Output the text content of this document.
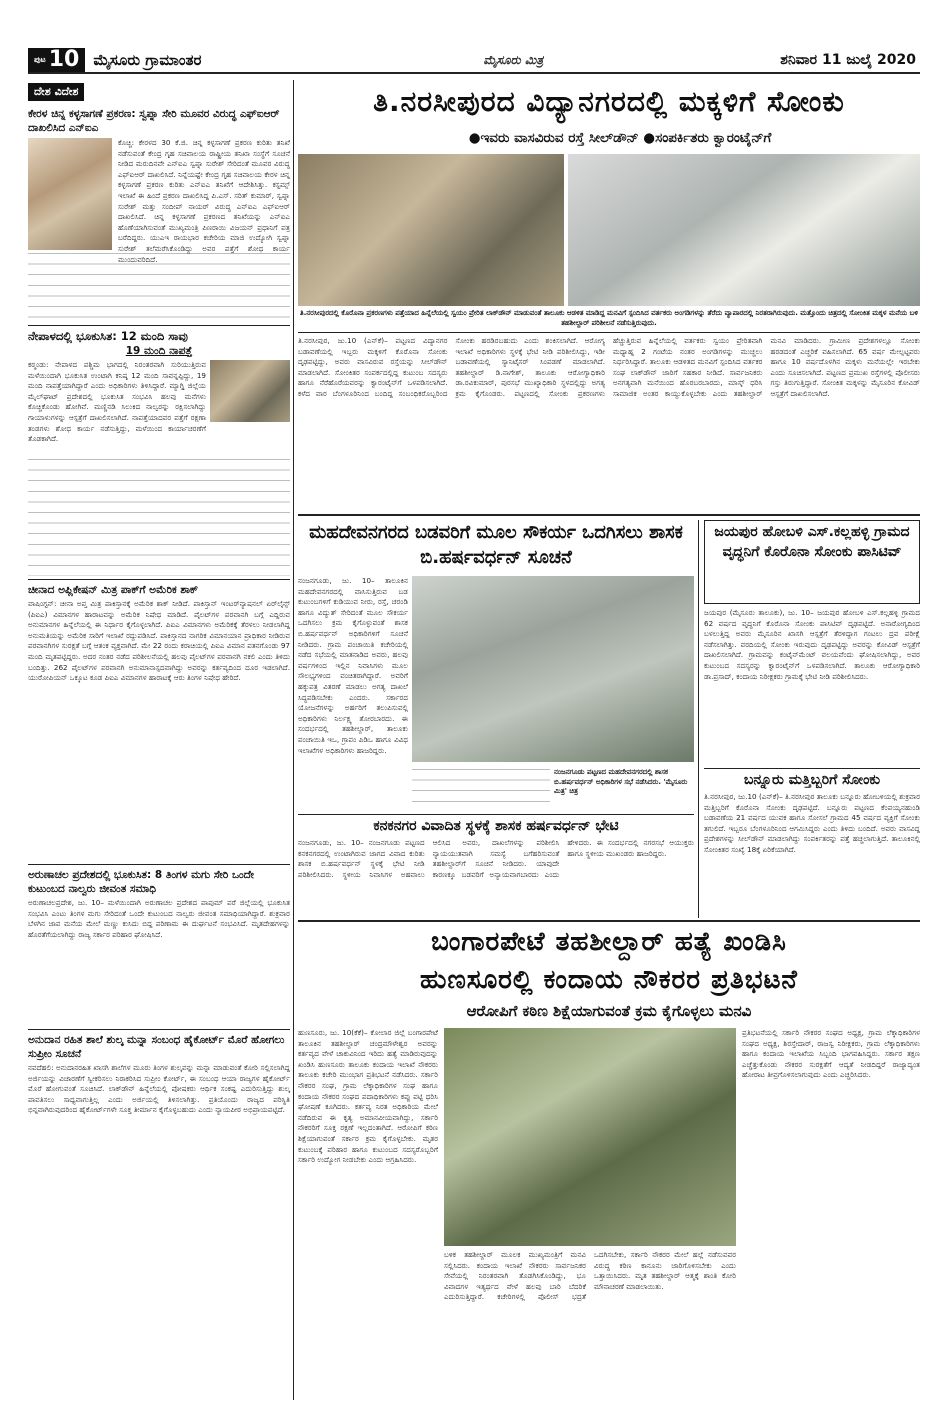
ಪುಟ 10 ಮೈಸೂರು ಗ್ರಾಮಾಂತರ	ಮೈಸೂರು ಮಿತ್ರ	ಶನಿವಾರ 11 ಜುಲೈ 2020
ದೇಶ ವಿದೇಶ
ಕೇರಳ ಚಿನ್ನ ಕಳ್ಳಸಾಗಣೆ ಪ್ರಕರಣ: ಸ್ವಪ್ನಾ ಸೇರಿ ಮೂವರ ವಿರುದ್ಧ ಎಫ್‌ಐಆರ್ ದಾಖಲಿಸಿದ ಎನ್‌ಐಎ

ಕೊಚ್ಚಿ: ಕೇರಳದ 30 ಕೆ.ಜಿ. ಚಿನ್ನ ಕಳ್ಳಸಾಗಣೆ ಪ್ರಕರಣ ಕುರಿತು ತನಿಖೆ ನಡೆಸುವಂತೆ ಕೇಂದ್ರ ಗೃಹ ಸಚಿವಾಲಯ ರಾಷ್ಟ್ರೀಯ ತನಿಖಾ ಸಂಸ್ಥೆಗೆ ಸೂಚನೆ ನೀಡಿದ ಮರುದಿನವೇ ಎನ್‌ಐಎ ಸ್ವಪ್ನಾ ಸುರೇಶ್ ಸೇರಿದಂತೆ ಮೂವರ ವಿರುದ್ಧ ಎಫ್‌ಐಆರ್ ದಾಖಲಿಸಿದೆ. ನಿನ್ನೆಯಷ್ಟೇ ಕೇಂದ್ರ ಗೃಹ ಸಚಿವಾಲಯ ಕೇರಳ ಚಿನ್ನ ಕಳ್ಳಸಾಗಣೆ ಪ್ರಕರಣ ಕುರಿತು ಎನ್‌ಐಎ ತನಿಖೆಗೆ ಆದೇಶಿಸಿತ್ತು. ಕಸ್ಟಮ್ಸ್ ಇಲಾಖೆ ಈ ಹಿಂದೆ ಪ್ರಕರಣ ದಾಖಲಿಸಿದ್ದ ಪಿ.ಎಸ್. ಸರಿತ್ ಕುಮಾರ್, ಸ್ವಪ್ನಾ ಸುರೇಶ್ ಮತ್ತು ಸಂದೀಪ್ ನಾಯರ್ ವಿರುದ್ಧ ಎನ್‌ಐಎ ಎಫ್‌ಐಆರ್ ದಾಖಲಿಸಿದೆ. ಚಿನ್ನ ಕಳ್ಳಸಾಗಣೆ ಪ್ರಕರಣದ ತನಿಖೆಯನ್ನು ಎನ್‌ಐಎ ಹೊಣೆಯಾಗಿಸುವಂತೆ ಮುಖ್ಯಮಂತ್ರಿ ಪಿಣರಾಯಿ ವಿಜಯನ್ ಪ್ರಧಾನಿಗೆ ಪತ್ರ ಬರೆದಿದ್ದರು. ಯುಎಇ ರಾಯಭಾರ ಕಚೇರಿಯ ಮಾಜಿ ಉದ್ಯೋಗಿ ಸ್ವಪ್ನಾ ಸುರೇಶ್ ತಲೆಮರೆಸಿಕೊಂಡಿದ್ದು ಅವರ ಪತ್ತೆಗೆ ಶೋಧ ಕಾರ್ಯ ಮುಂದುವರಿದಿದೆ.

ನೇಪಾಳದಲ್ಲಿ ಭೂಕುಸಿತ: 12 ಮಂದಿ ಸಾವು
19 ಮಂದಿ ನಾಪತ್ತೆ

ಕಠ್ಮಂಡು: ನೇಪಾಳದ ಪಶ್ಚಿಮ ಭಾಗದಲ್ಲಿ ನಿರಂತರವಾಗಿ ಸುರಿಯುತ್ತಿರುವ ಮಳೆಯಿಂದಾಗಿ ಭೂಕುಸಿತ ಉಂಟಾಗಿ ಕನಿಷ್ಠ 12 ಮಂದಿ ಸಾವನ್ನಪ್ಪಿದ್ದು, 19 ಮಂದಿ ನಾಪತ್ತೆಯಾಗಿದ್ದಾರೆ ಎಂದು ಅಧಿಕಾರಿಗಳು ತಿಳಿಸಿದ್ದಾರೆ. ಮ್ಯಾಗ್ಡಿ ಜಿಲ್ಲೆಯ ಮೈಲ್‌ಘಾಟ್ ಪ್ರದೇಶದಲ್ಲಿ ಭೂಕುಸಿತ ಸಂಭವಿಸಿ ಹಲವು ಮನೆಗಳು ಕೊಚ್ಚಿಕೊಂಡು ಹೋಗಿವೆ. ಮಣ್ಣಿನಡಿ ಸಿಲುಕಿದ ನಾಲ್ವರನ್ನು ರಕ್ಷಿಸಲಾಗಿದ್ದು ಗಾಯಾಳುಗಳನ್ನು ಆಸ್ಪತ್ರೆಗೆ ದಾಖಲಿಸಲಾಗಿದೆ. ನಾಪತ್ತೆಯಾದವರ ಪತ್ತೆಗೆ ರಕ್ಷಣಾ ತಂಡಗಳು ಶೋಧ ಕಾರ್ಯ ನಡೆಸುತ್ತಿದ್ದು, ಮಳೆಯಿಂದ ಕಾರ್ಯಾಚರಣೆಗೆ ತೊಡಕಾಗಿದೆ.

ಚೀನಾದ ಅಪ್ಲಿಕೇಷನ್ ಮಿತ್ರ ಪಾಕ್‌ಗೆ ಅಮೆರಿಕ ಶಾಕ್

ವಾಷಿಂಗ್ಟನ್: ಚೀನಾ ಅಪ್ತ ಮಿತ್ರ ಪಾಕಿಸ್ತಾನಕ್ಕೆ ಅಮೆರಿಕ ಶಾಕ್ ನೀಡಿದೆ. ಪಾಕಿಸ್ತಾನ್ ಇಂಟರ್‌ನ್ಯಾಷನಲ್ ಏರ್‌ಲೈನ್ಸ್ (ಪಿಐಎ) ವಿಮಾನಗಳ ಹಾರಾಟವನ್ನು ಅಮೆರಿಕ ನಿಷೇಧ ಮಾಡಿದೆ. ಪೈಲಟ್‌ಗಳ ಪರವಾನಗಿ ಬಗ್ಗೆ ಎದ್ದಿರುವ ಅನುಮಾನಗಳ ಹಿನ್ನೆಲೆಯಲ್ಲಿ ಈ ನಿರ್ಧಾರ ಕೈಗೊಳ್ಳಲಾಗಿದೆ. ಪಿಐಎ ವಿಮಾನಗಳು ಅಮೆರಿಕಕ್ಕೆ ತೆರಳಲು ನೀಡಲಾಗಿದ್ದ ಅನುಮತಿಯನ್ನು ಅಮೆರಿಕ ಸಾರಿಗೆ ಇಲಾಖೆ ರದ್ದುಪಡಿಸಿದೆ. ಪಾಕಿಸ್ತಾನದ ನಾಗರಿಕ ವಿಮಾನಯಾನ ಪ್ರಾಧಿಕಾರ ನೀಡಿರುವ ಪರವಾನಗಿಗಳ ಸುರಕ್ಷತೆ ಬಗ್ಗೆ ಆತಂಕ ವ್ಯಕ್ತವಾಗಿದೆ. ಮೇ 22 ರಂದು ಕರಾಚಿಯಲ್ಲಿ ಪಿಐಎ ವಿಮಾನ ಪತನಗೊಂಡು 97 ಮಂದಿ ಮೃತಪಟ್ಟಿದ್ದರು. ಅದರ ನಂತರ ನಡೆದ ಪರಿಶೀಲನೆಯಲ್ಲಿ ಹಲವು ಪೈಲಟ್‌ಗಳ ಪರವಾನಗಿ ನಕಲಿ ಎಂದು ತಿಳಿದು ಬಂದಿತ್ತು. 262 ಪೈಲಟ್‌ಗಳ ಪರವಾನಗಿ ಅನುಮಾನಾಸ್ಪದವಾಗಿದ್ದು ಅವರನ್ನು ಕರ್ತವ್ಯದಿಂದ ದೂರ ಇಡಲಾಗಿದೆ. ಯುರೋಪಿಯನ್ ಒಕ್ಕೂಟ ಕೂಡ ಪಿಐಎ ವಿಮಾನಗಳ ಹಾರಾಟಕ್ಕೆ ಆರು ತಿಂಗಳ ನಿಷೇಧ ಹೇರಿದೆ.

ಅರುಣಾಚಲ ಪ್ರದೇಶದಲ್ಲಿ ಭೂಕುಸಿತ: 8 ತಿಂಗಳ ಮಗು ಸೇರಿ ಒಂದೇ ಕುಟುಂಬದ ನಾಲ್ವರು ಜೀವಂತ ಸಮಾಧಿ

ಅರುಣಾಚಲಪ್ರದೇಶ, ಜು. 10– ಮಳೆಯಿಂದಾಗಿ ಅರುಣಾಚಲ ಪ್ರದೇಶದ ಪಾಪುಮ್ ಪರೆ ಜಿಲ್ಲೆಯಲ್ಲಿ ಭೂಕುಸಿತ ಸಂಭವಿಸಿ ಎಂಟು ತಿಂಗಳ ಮಗು ಸೇರಿದಂತೆ ಒಂದೇ ಕುಟುಂಬದ ನಾಲ್ವರು ಜೀವಂತ ಸಮಾಧಿಯಾಗಿದ್ದಾರೆ. ಶುಕ್ರವಾರ ಬೆಳಗಿನ ಜಾವ ಮನೆಯ ಮೇಲೆ ಮಣ್ಣು ಕುಸಿದು ಬಿದ್ದ ಪರಿಣಾಮ ಈ ದುರ್ಘಟನೆ ಸಂಭವಿಸಿದೆ. ಮೃತದೇಹಗಳನ್ನು ಹೊರತೆಗೆಯಲಾಗಿದ್ದು ರಾಜ್ಯ ಸರ್ಕಾರ ಪರಿಹಾರ ಘೋಷಿಸಿದೆ.

ಅನುದಾನ ರಹಿತ ಶಾಲೆ ಶುಲ್ಕ ಮನ್ನಾ ಸಂಬಂಧ ಹೈಕೋರ್ಟ್ ಮೊರೆ ಹೋಗಲು ಸುಪ್ರೀಂ ಸೂಚನೆ

ನವದೆಹಲಿ: ಅನುದಾನರಹಿತ ಖಾಸಗಿ ಶಾಲೆಗಳ ಮೂರು ತಿಂಗಳ ಶುಲ್ಕವನ್ನು ಮನ್ನಾ ಮಾಡುವಂತೆ ಕೋರಿ ಸಲ್ಲಿಸಲಾಗಿದ್ದ ಅರ್ಜಿಯನ್ನು ವಿಚಾರಣೆಗೆ ಸ್ವೀಕರಿಸಲು ನಿರಾಕರಿಸಿದ ಸುಪ್ರೀಂ ಕೋರ್ಟ್, ಈ ಸಂಬಂಧ ಆಯಾ ರಾಜ್ಯಗಳ ಹೈಕೋರ್ಟ್ ಮೊರೆ ಹೋಗುವಂತೆ ಸೂಚಿಸಿದೆ. ಲಾಕ್‌ಡೌನ್ ಹಿನ್ನೆಲೆಯಲ್ಲಿ ಪೋಷಕರು ಆರ್ಥಿಕ ಸಂಕಷ್ಟ ಎದುರಿಸುತ್ತಿದ್ದು ಶುಲ್ಕ ಪಾವತಿಸಲು ಸಾಧ್ಯವಾಗುತ್ತಿಲ್ಲ ಎಂದು ಅರ್ಜಿಯಲ್ಲಿ ತಿಳಿಸಲಾಗಿತ್ತು. ಪ್ರತಿಯೊಂದು ರಾಜ್ಯದ ಪರಿಸ್ಥಿತಿ ಭಿನ್ನವಾಗಿರುವುದರಿಂದ ಹೈಕೋರ್ಟ್‌ಗಳೇ ಸೂಕ್ತ ತೀರ್ಮಾನ ಕೈಗೊಳ್ಳಬಹುದು ಎಂದು ನ್ಯಾಯಪೀಠ ಅಭಿಪ್ರಾಯಪಟ್ಟಿದೆ.

ತಿ.ನರಸೀಪುರದ ವಿದ್ಯಾನಗರದಲ್ಲಿ ಮಕ್ಕಳಿಗೆ ಸೋಂಕು
●ಇವರು ವಾಸವಿರುವ ರಸ್ತೆ ಸೀಲ್‌ಡೌನ್ ●ಸಂಪರ್ಕಿತರು ಕ್ವಾರಂಟೈನ್‌ಗೆ
ತಿ.ನರಸೀಪುರದಲ್ಲಿ ಕೊರೊನಾ ಪ್ರಕರಣಗಳು ಪತ್ತೆಯಾದ ಹಿನ್ನೆಲೆಯಲ್ಲಿ ಸ್ವಯಂ ಪ್ರೇರಿತ ಲಾಕ್‌ಡೌನ್ ಮಾಡುವಂತೆ ತಾಲೂಕು ಆಡಳಿತ ಮಾಡಿದ್ದ ಮನವಿಗೆ ಸ್ಪಂದಿಸಿದ ವರ್ತಕರು ಅಂಗಡಿಗಳನ್ನು ತೆರೆದು ವ್ಯಾಪಾರದಲ್ಲಿ ನಿರತರಾಗಿರುವುದು. ಮತ್ತೊಂದು ಚಿತ್ರದಲ್ಲಿ ಸೋಂಕಿತ ಮಕ್ಕಳ ಮನೆಯ ಬಳಿ ತಹಶೀಲ್ದಾರ್ ಪರಿಶೀಲನೆ ನಡೆಸುತ್ತಿರುವುದು.

ತಿ.ನರಸೀಪುರ, ಜು.10 (ಎನ್‌ಕೆ)– ಪಟ್ಟಣದ ವಿದ್ಯಾನಗರ ಬಡಾವಣೆಯಲ್ಲಿ ಇಬ್ಬರು ಮಕ್ಕಳಿಗೆ ಕೊರೊನಾ ಸೋಂಕು ದೃಢಪಟ್ಟಿದ್ದು, ಅವರು ವಾಸವಿರುವ ರಸ್ತೆಯನ್ನು ಸೀಲ್‌ಡೌನ್ ಮಾಡಲಾಗಿದೆ. ಸೋಂಕಿತರ ಸಂಪರ್ಕದಲ್ಲಿದ್ದ ಕುಟುಂಬ ಸದಸ್ಯರು ಹಾಗೂ ನೆರೆಹೊರೆಯವರನ್ನು ಕ್ವಾರಂಟೈನ್‌ಗೆ ಒಳಪಡಿಸಲಾಗಿದೆ. ಕಳೆದ ವಾರ ಬೆಂಗಳೂರಿನಿಂದ ಬಂದಿದ್ದ ಸಂಬಂಧಿಕರೊಬ್ಬರಿಂದ ಸೋಂಕು ಹರಡಿರಬಹುದು ಎಂದು ಶಂಕಿಸಲಾಗಿದೆ. ಆರೋಗ್ಯ ಇಲಾಖೆ ಅಧಿಕಾರಿಗಳು ಸ್ಥಳಕ್ಕೆ ಭೇಟಿ ನೀಡಿ ಪರಿಶೀಲಿಸಿದ್ದು, ಇಡೀ ಬಡಾವಣೆಯಲ್ಲಿ ಸ್ಯಾನಿಟೈಸರ್ ಸಿಂಪಡಣೆ ಮಾಡಲಾಗಿದೆ. ತಹಶೀಲ್ದಾರ್ ಡಿ.ನಾಗೇಶ್, ತಾಲೂಕು ಆರೋಗ್ಯಾಧಿಕಾರಿ ಡಾ.ರವಿಕುಮಾರ್, ಪುರಸಭೆ ಮುಖ್ಯಾಧಿಕಾರಿ ಸ್ಥಳದಲ್ಲಿದ್ದು ಅಗತ್ಯ ಕ್ರಮ ಕೈಗೊಂಡರು. ಪಟ್ಟಣದಲ್ಲಿ ಸೋಂಕು ಪ್ರಕರಣಗಳು ಹೆಚ್ಚುತ್ತಿರುವ ಹಿನ್ನೆಲೆಯಲ್ಲಿ ವರ್ತಕರು ಸ್ವಯಂ ಪ್ರೇರಿತವಾಗಿ ಮಧ್ಯಾಹ್ನ 2 ಗಂಟೆಯ ನಂತರ ಅಂಗಡಿಗಳನ್ನು ಮುಚ್ಚಲು ನಿರ್ಧರಿಸಿದ್ದಾರೆ. ತಾಲೂಕು ಆಡಳಿತದ ಮನವಿಗೆ ಸ್ಪಂದಿಸಿದ ವರ್ತಕರ ಸಂಘ ಲಾಕ್‌ಡೌನ್ ಜಾರಿಗೆ ಸಹಕಾರ ನೀಡಿದೆ. ಸಾರ್ವಜನಿಕರು ಅನಗತ್ಯವಾಗಿ ಮನೆಯಿಂದ ಹೊರಬರಬಾರದು, ಮಾಸ್ಕ್ ಧರಿಸಿ ಸಾಮಾಜಿಕ ಅಂತರ ಕಾಯ್ದುಕೊಳ್ಳಬೇಕು ಎಂದು ತಹಶೀಲ್ದಾರ್ ಮನವಿ ಮಾಡಿದರು. ಗ್ರಾಮೀಣ ಪ್ರದೇಶಗಳಲ್ಲೂ ಸೋಂಕು ಹರಡದಂತೆ ಎಚ್ಚರಿಕೆ ವಹಿಸಲಾಗಿದೆ. 65 ವರ್ಷ ಮೇಲ್ಪಟ್ಟವರು ಹಾಗೂ 10 ವರ್ಷದೊಳಗಿನ ಮಕ್ಕಳು ಮನೆಯಲ್ಲೇ ಇರಬೇಕು ಎಂದು ಸೂಚಿಸಲಾಗಿದೆ. ಪಟ್ಟಣದ ಪ್ರಮುಖ ರಸ್ತೆಗಳಲ್ಲಿ ಪೊಲೀಸರು ಗಸ್ತು ತಿರುಗುತ್ತಿದ್ದಾರೆ. ಸೋಂಕಿತ ಮಕ್ಕಳನ್ನು ಮೈಸೂರಿನ ಕೋವಿಡ್ ಆಸ್ಪತ್ರೆಗೆ ದಾಖಲಿಸಲಾಗಿದೆ.

ಮಹದೇವನಗರದ ಬಡವರಿಗೆ ಮೂಲ ಸೌಕರ್ಯ ಒದಗಿಸಲು ಶಾಸಕ ಬಿ.ಹರ್ಷವರ್ಧನ್ ಸೂಚನೆ

ನಂಜನಗೂಡು, ಜು. 10– ತಾಲೂಕಿನ ಮಹದೇವನಗರದಲ್ಲಿ ವಾಸಿಸುತ್ತಿರುವ ಬಡ ಕುಟುಂಬಗಳಿಗೆ ಕುಡಿಯುವ ನೀರು, ರಸ್ತೆ, ಚರಂಡಿ ಹಾಗೂ ವಿದ್ಯುತ್ ಸೇರಿದಂತೆ ಮೂಲ ಸೌಕರ್ಯ ಒದಗಿಸಲು ಕ್ರಮ ಕೈಗೊಳ್ಳುವಂತೆ ಶಾಸಕ ಬಿ.ಹರ್ಷವರ್ಧನ್ ಅಧಿಕಾರಿಗಳಿಗೆ ಸೂಚನೆ ನೀಡಿದರು. ಗ್ರಾಮ ಪಂಚಾಯಿತಿ ಕಚೇರಿಯಲ್ಲಿ ನಡೆದ ಸಭೆಯಲ್ಲಿ ಮಾತನಾಡಿದ ಅವರು, ಹಲವು ವರ್ಷಗಳಿಂದ ಇಲ್ಲಿನ ನಿವಾಸಿಗಳು ಮೂಲ ಸೌಲಭ್ಯಗಳಿಂದ ವಂಚಿತರಾಗಿದ್ದಾರೆ. ಅವರಿಗೆ ಹಕ್ಕುಪತ್ರ ವಿತರಣೆ ಮಾಡಲು ಅಗತ್ಯ ದಾಖಲೆ ಸಿದ್ಧಪಡಿಸಬೇಕು ಎಂದರು. ಸರ್ಕಾರದ ಯೋಜನೆಗಳನ್ನು ಅರ್ಹರಿಗೆ ತಲುಪಿಸುವಲ್ಲಿ ಅಧಿಕಾರಿಗಳು ನಿರ್ಲಕ್ಷ್ಯ ತೋರಬಾರದು. ಈ ಸಂದರ್ಭದಲ್ಲಿ ತಹಶೀಲ್ದಾರ್, ತಾಲೂಕು ಪಂಚಾಯಿತಿ ಇಒ, ಗ್ರಾಪಂ ಪಿಡಿಒ ಹಾಗೂ ವಿವಿಧ ಇಲಾಖೆಗಳ ಅಧಿಕಾರಿಗಳು ಹಾಜರಿದ್ದರು.

ನಂಜನಗೂಡು ಪಟ್ಟಣದ ಮಹದೇವನಗರದಲ್ಲಿ ಶಾಸಕ ಬಿ.ಹರ್ಷವರ್ಧನ್ ಅಧಿಕಾರಿಗಳ ಸಭೆ ನಡೆಸಿದರು. 'ಮೈಸೂರು ಮಿತ್ರ' ಚಿತ್ರ
ಜಯಪುರ ಹೋಬಳಿ ಎಸ್.ಕಲ್ಲಹಳ್ಳಿ ಗ್ರಾಮದ ವೃದ್ಧನಿಗೆ ಕೊರೊನಾ ಸೋಂಕು ಪಾಸಿಟಿವ್

ಜಯಪುರ (ಮೈಸೂರು ತಾಲೂಕು), ಜು. 10– ಜಯಪುರ ಹೋಬಳಿ ಎಸ್.ಕಲ್ಲಹಳ್ಳಿ ಗ್ರಾಮದ 62 ವರ್ಷದ ವೃದ್ಧನಿಗೆ ಕೊರೊನಾ ಸೋಂಕು ಪಾಸಿಟಿವ್ ದೃಢಪಟ್ಟಿದೆ. ಅನಾರೋಗ್ಯದಿಂದ ಬಳಲುತ್ತಿದ್ದ ಅವರು ಮೈಸೂರಿನ ಖಾಸಗಿ ಆಸ್ಪತ್ರೆಗೆ ತೆರಳಿದ್ದಾಗ ಗಂಟಲು ದ್ರವ ಪರೀಕ್ಷೆ ನಡೆಸಲಾಗಿತ್ತು. ವರದಿಯಲ್ಲಿ ಸೋಂಕು ಇರುವುದು ದೃಢಪಟ್ಟಿದ್ದು ಅವರನ್ನು ಕೋವಿಡ್ ಆಸ್ಪತ್ರೆಗೆ ದಾಖಲಿಸಲಾಗಿದೆ. ಗ್ರಾಮವನ್ನು ಕಂಟೈನ್‌ಮೆಂಟ್ ವಲಯವೆಂದು ಘೋಷಿಸಲಾಗಿದ್ದು, ಅವರ ಕುಟುಂಬದ ಸದಸ್ಯರನ್ನು ಕ್ವಾರಂಟೈನ್‌ಗೆ ಒಳಪಡಿಸಲಾಗಿದೆ. ತಾಲೂಕು ಆರೋಗ್ಯಾಧಿಕಾರಿ ಡಾ.ಪ್ರಸಾದ್, ಕಂದಾಯ ನಿರೀಕ್ಷಕರು ಗ್ರಾಮಕ್ಕೆ ಭೇಟಿ ನೀಡಿ ಪರಿಶೀಲಿಸಿದರು.

ಬನ್ನೂರು ಮತ್ತಿಬ್ಬರಿಗೆ ಸೋಂಕು

ತಿ.ನರಸೀಪುರ, ಜು.10 (ಎನ್‌ಕೆ)– ತಿ.ನರಸೀಪುರ ತಾಲೂಕು ಬನ್ನೂರು ಹೋಬಳಿಯಲ್ಲಿ ಶುಕ್ರವಾರ ಮತ್ತಿಬ್ಬರಿಗೆ ಕೊರೊನಾ ಸೋಂಕು ದೃಢಪಟ್ಟಿದೆ. ಬನ್ನೂರು ಪಟ್ಟಣದ ಕೆಂಪಯ್ಯನಹುಂಡಿ ಬಡಾವಣೆಯ 21 ವರ್ಷದ ಯುವಕ ಹಾಗೂ ಸೋಸಲೆ ಗ್ರಾಮದ 45 ವರ್ಷದ ವ್ಯಕ್ತಿಗೆ ಸೋಂಕು ತಗುಲಿದೆ. ಇಬ್ಬರೂ ಬೆಂಗಳೂರಿನಿಂದ ಆಗಮಿಸಿದ್ದರು ಎಂದು ತಿಳಿದು ಬಂದಿದೆ. ಅವರು ವಾಸವಿದ್ದ ಪ್ರದೇಶಗಳನ್ನು ಸೀಲ್‌ಡೌನ್ ಮಾಡಲಾಗಿದ್ದು ಸಂಪರ್ಕಿತರನ್ನು ಪತ್ತೆ ಹಚ್ಚಲಾಗುತ್ತಿದೆ. ತಾಲೂಕಿನಲ್ಲಿ ಸೋಂಕಿತರ ಸಂಖ್ಯೆ 18ಕ್ಕೆ ಏರಿಕೆಯಾಗಿದೆ.

ಕನಕನಗರ ವಿವಾದಿತ ಸ್ಥಳಕ್ಕೆ ಶಾಸಕ ಹರ್ಷವರ್ಧನ್ ಭೇಟಿ

ನಂಜನಗೂಡು, ಜು. 10– ನಂಜನಗೂಡು ಪಟ್ಟಣದ ಕನಕನಗರದಲ್ಲಿ ಉಂಟಾಗಿರುವ ಜಾಗದ ವಿವಾದ ಕುರಿತು ಶಾಸಕ ಬಿ.ಹರ್ಷವರ್ಧನ್ ಸ್ಥಳಕ್ಕೆ ಭೇಟಿ ನೀಡಿ ಪರಿಶೀಲಿಸಿದರು. ಸ್ಥಳೀಯ ನಿವಾಸಿಗಳ ಅಹವಾಲು ಆಲಿಸಿದ ಅವರು, ದಾಖಲೆಗಳನ್ನು ಪರಿಶೀಲಿಸಿ ನ್ಯಾಯಯುತವಾಗಿ ಸಮಸ್ಯೆ ಬಗೆಹರಿಸುವಂತೆ ತಹಶೀಲ್ದಾರ್‌ಗೆ ಸೂಚನೆ ನೀಡಿದರು. ಯಾವುದೇ ಕಾರಣಕ್ಕೂ ಬಡವರಿಗೆ ಅನ್ಯಾಯವಾಗಬಾರದು ಎಂದು ಹೇಳಿದರು. ಈ ಸಂದರ್ಭದಲ್ಲಿ ನಗರಸಭೆ ಆಯುಕ್ತರು ಹಾಗೂ ಸ್ಥಳೀಯ ಮುಖಂಡರು ಹಾಜರಿದ್ದರು.

ಬಂಗಾರಪೇಟೆ ತಹಶೀಲ್ದಾರ್ ಹತ್ಯೆ ಖಂಡಿಸಿ
ಹುಣಸೂರಲ್ಲಿ ಕಂದಾಯ ನೌಕರರ ಪ್ರತಿಭಟನೆ
ಆರೋಪಿಗೆ ಕಠಿಣ ಶಿಕ್ಷೆಯಾಗುವಂತೆ ಕ್ರಮ ಕೈಗೊಳ್ಳಲು ಮನವಿ

ಹುಣಸೂರು, ಜು. 10(ಕೆಕೆ)– ಕೋಲಾರ ಜಿಲ್ಲೆ ಬಂಗಾರಪೇಟೆ ತಾಲೂಕಿನ ತಹಶೀಲ್ದಾರ್ ಚಂದ್ರಮೌಳೇಶ್ವರ ಅವರನ್ನು ಕರ್ತವ್ಯದ ವೇಳೆ ಚಾಕುವಿನಿಂದ ಇರಿದು ಹತ್ಯೆ ಮಾಡಿರುವುದನ್ನು ಖಂಡಿಸಿ ಹುಣಸೂರು ತಾಲೂಕು ಕಂದಾಯ ಇಲಾಖೆ ನೌಕರರು ತಾಲೂಕು ಕಚೇರಿ ಮುಂಭಾಗ ಪ್ರತಿಭಟನೆ ನಡೆಸಿದರು. ಸರ್ಕಾರಿ ನೌಕರರ ಸಂಘ, ಗ್ರಾಮ ಲೆಕ್ಕಾಧಿಕಾರಿಗಳ ಸಂಘ ಹಾಗೂ ಕಂದಾಯ ನೌಕರರ ಸಂಘದ ಪದಾಧಿಕಾರಿಗಳು ಕಪ್ಪು ಪಟ್ಟಿ ಧರಿಸಿ ಘೋಷಣೆ ಕೂಗಿದರು. ಕರ್ತವ್ಯ ನಿರತ ಅಧಿಕಾರಿಯ ಮೇಲೆ ನಡೆದಿರುವ ಈ ಕೃತ್ಯ ಅಮಾನವೀಯವಾಗಿದ್ದು, ಸರ್ಕಾರಿ ನೌಕರರಿಗೆ ಸೂಕ್ತ ರಕ್ಷಣೆ ಇಲ್ಲದಂತಾಗಿದೆ. ಆರೋಪಿಗೆ ಕಠಿಣ ಶಿಕ್ಷೆಯಾಗುವಂತೆ ಸರ್ಕಾರ ಕ್ರಮ ಕೈಗೊಳ್ಳಬೇಕು. ಮೃತರ ಕುಟುಂಬಕ್ಕೆ ಪರಿಹಾರ ಹಾಗೂ ಕುಟುಂಬದ ಸದಸ್ಯರೊಬ್ಬರಿಗೆ ಸರ್ಕಾರಿ ಉದ್ಯೋಗ ನೀಡಬೇಕು ಎಂದು ಆಗ್ರಹಿಸಿದರು.

ಬಳಿಕ ತಹಶೀಲ್ದಾರ್ ಮೂಲಕ ಮುಖ್ಯಮಂತ್ರಿಗೆ ಮನವಿ ಸಲ್ಲಿಸಿದರು. ಕಂದಾಯ ಇಲಾಖೆ ನೌಕರರು ಸಾರ್ವಜನಿಕರ ಸೇವೆಯಲ್ಲಿ ನಿರಂತರವಾಗಿ ತೊಡಗಿಸಿಕೊಂಡಿದ್ದು, ಭೂ ವಿವಾದಗಳ ಇತ್ಯರ್ಥದ ವೇಳೆ ಹಲವು ಬಾರಿ ಬೆದರಿಕೆ ಎದುರಿಸುತ್ತಿದ್ದಾರೆ. ಕಚೇರಿಗಳಲ್ಲಿ ಪೊಲೀಸ್ ಭದ್ರತೆ ಒದಗಿಸಬೇಕು, ಸರ್ಕಾರಿ ನೌಕರರ ಮೇಲೆ ಹಲ್ಲೆ ನಡೆಸುವವರ ವಿರುದ್ಧ ಕಠಿಣ ಕಾನೂನು ಜಾರಿಗೊಳಿಸಬೇಕು ಎಂದು ಒತ್ತಾಯಿಸಿದರು. ಮೃತ ತಹಶೀಲ್ದಾರ್ ಆತ್ಮಕ್ಕೆ ಶಾಂತಿ ಕೋರಿ ಮೌನಾಚರಣೆ ಮಾಡಲಾಯಿತು.

ಪ್ರತಿಭಟನೆಯಲ್ಲಿ ಸರ್ಕಾರಿ ನೌಕರರ ಸಂಘದ ಅಧ್ಯಕ್ಷ, ಗ್ರಾಮ ಲೆಕ್ಕಾಧಿಕಾರಿಗಳ ಸಂಘದ ಅಧ್ಯಕ್ಷ, ಶಿರಸ್ತೇದಾರ್, ರಾಜಸ್ವ ನಿರೀಕ್ಷಕರು, ಗ್ರಾಮ ಲೆಕ್ಕಾಧಿಕಾರಿಗಳು ಹಾಗೂ ಕಂದಾಯ ಇಲಾಖೆಯ ಸಿಬ್ಬಂದಿ ಭಾಗವಹಿಸಿದ್ದರು. ಸರ್ಕಾರ ತಕ್ಷಣ ಎಚ್ಚೆತ್ತುಕೊಂಡು ನೌಕರರ ಸುರಕ್ಷತೆಗೆ ಆದ್ಯತೆ ನೀಡದಿದ್ದರೆ ರಾಜ್ಯಾದ್ಯಂತ ಹೋರಾಟ ತೀವ್ರಗೊಳಿಸಲಾಗುವುದು ಎಂದು ಎಚ್ಚರಿಸಿದರು.
